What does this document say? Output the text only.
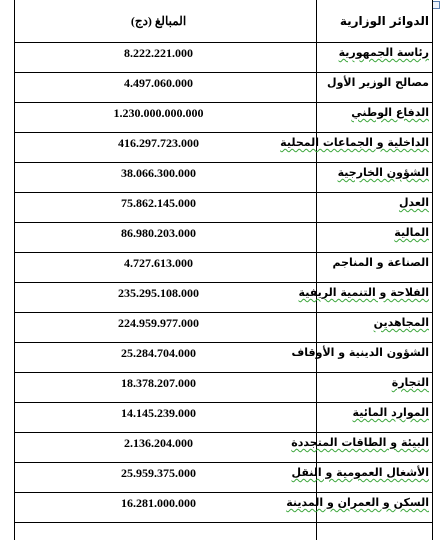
المبالغ (دج)	الدوائر الوزارية
8.222.221.000	رئاسة الجمهورية
4.497.060.000	مصالح الوزير الأول
1.230.000.000.000	الدفاع الوطني
416.297.723.000	الداخلية و الجماعات المحلية
38.066.300.000	الشؤون الخارجية
75.862.145.000	العدل
86.980.203.000	المالية
4.727.613.000	الصناعة و المناجم
235.295.108.000	الفلاحة و التنمية الريفية
224.959.977.000	المجاهدين
25.284.704.000	الشؤون الدينية و الأوقاف
18.378.207.000	التجارة
14.145.239.000	الموارد المائية
2.136.204.000	البيئة و الطاقات المتجددة
25.959.375.000	الأشغال العمومية و النقل
16.281.000.000	السكن و العمران و المدينة
